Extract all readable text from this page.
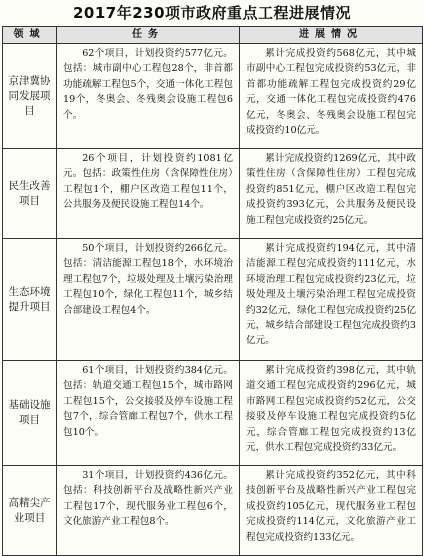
2017年230项市政府重点工程进展情况
领域	任务	进展情况
京津冀协同发展项目	62个项目，计划投资约577亿元。包括：城市副中心工程包28个，非首都功能疏解工程包5个，交通一体化工程包19个，冬奥会、冬残奥会设施工程包6个。	累计完成投资约568亿元，其中城市副中心工程包完成投资约53亿元，非首都功能疏解工程包完成投资约29亿元，交通一体化工程包完成投资约476亿元，冬奥会、冬残奥会设施工程包完成投资约10亿元。
民生改善项目	26个项目，计划投资约1081亿元。包括：政策性住房（含保障性住房）工程包1个，棚户区改造工程包11个，公共服务及便民设施工程包14个。	累计完成投资约1269亿元，其中政策性住房（含保障性住房）工程包完成投资约851亿元，棚户区改造工程包完成投资约393亿元，公共服务及便民设施工程包完成投资约25亿元。
生态环境提升项目	50个项目，计划投资约266亿元。包括：清洁能源工程包18个，水环境治理工程包7个，垃圾处理及土壤污染治理工程包10个，绿化工程包11个，城乡结合部建设工程包4个。	累计完成投资约194亿元，其中清洁能源工程包完成投资约111亿元，水环境治理工程包完成投资约23亿元，垃圾处理及土壤污染治理工程包完成投资约32亿元，绿化工程包完成投资约25亿元，城乡结合部建设工程包完成投资约3亿元。
基础设施项目	61个项目，计划投资约384亿元。包括：轨道交通工程包15个，城市路网工程包15个，公交接驳及停车设施工程包7个，综合管廊工程包7个，供水工程包10个。	累计完成投资约398亿元，其中轨道交通工程包完成投资约296亿元，城市路网工程包完成投资约52亿元，公交接驳及停车设施工程包完成投资约5亿元，综合管廊工程包完成投资约13亿元，供水工程包完成投资约33亿元。
高精尖产业项目	31个项目，计划投资约436亿元。包括：科技创新平台及战略性新兴产业工程包17个，现代服务业工程包6个，文化旅游产业工程包8个。	累计完成投资约352亿元，其中科技创新平台及战略性新兴产业工程包完成投资约105亿元，现代服务业工程包完成投资约114亿元，文化旅游产业工程包完成投资约133亿元。
